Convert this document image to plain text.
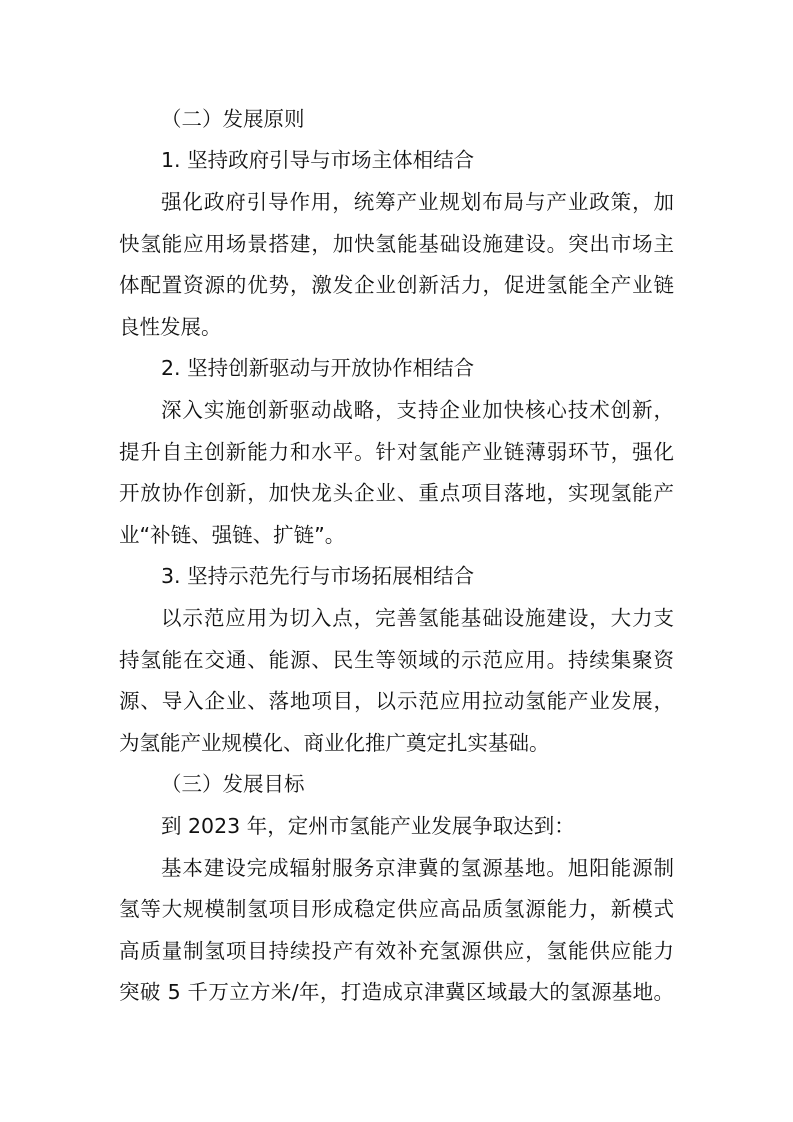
（二）发展原则
1. 坚持政府引导与市场主体相结合
强化政府引导作用，统筹产业规划布局与产业政策，加
快氢能应用场景搭建，加快氢能基础设施建设。突出市场主
体配置资源的优势，激发企业创新活力，促进氢能全产业链
良性发展。
2. 坚持创新驱动与开放协作相结合
深入实施创新驱动战略，支持企业加快核心技术创新，
提升自主创新能力和水平。针对氢能产业链薄弱环节，强化
开放协作创新，加快龙头企业、重点项目落地，实现氢能产
业“补链、强链、扩链”。
3. 坚持示范先行与市场拓展相结合
以示范应用为切入点，完善氢能基础设施建设，大力支
持氢能在交通、能源、民生等领域的示范应用。持续集聚资
源、导入企业、落地项目，以示范应用拉动氢能产业发展，
为氢能产业规模化、商业化推广奠定扎实基础。
（三）发展目标
到 2023 年，定州市氢能产业发展争取达到：
基本建设完成辐射服务京津冀的氢源基地。旭阳能源制
氢等大规模制氢项目形成稳定供应高品质氢源能力，新模式
高质量制氢项目持续投产有效补充氢源供应，氢能供应能力
突破 5 千万立方米/年，打造成京津冀区域最大的氢源基地。
